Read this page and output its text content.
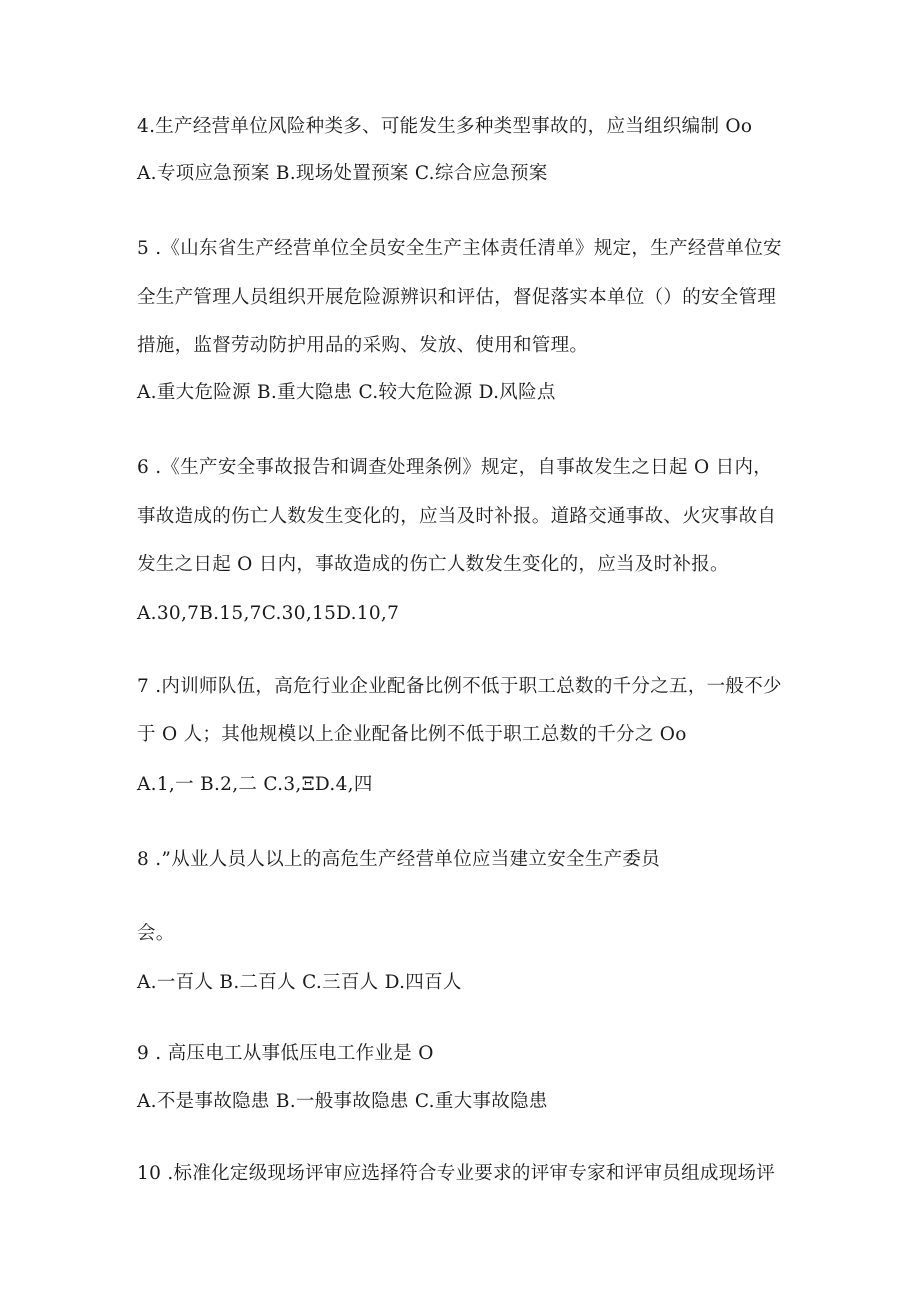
4.生产经营单位风险种类多、可能发生多种类型事故的，应当组织编制 Oo
A.专项应急预案 B.现场处置预案 C.综合应急预案
5 .《山东省生产经营单位全员安全生产主体责任清单》规定，生产经营单位安
全生产管理人员组织开展危险源辨识和评估，督促落实本单位（）的安全管理
措施，监督劳动防护用品的采购、发放、使用和管理。
A.重大危险源 B.重大隐患 C.较大危险源 D.风险点
6 .《生产安全事故报告和调查处理条例》规定，自事故发生之日起 O 日内，
事故造成的伤亡人数发生变化的，应当及时补报。道路交通事故、火灾事故自
发生之日起 O 日内，事故造成的伤亡人数发生变化的，应当及时补报。
A.30,7B.15,7C.30,15D.10,7
7 .内训师队伍，高危行业企业配备比例不低于职工总数的千分之五，一般不少
于 O 人；其他规模以上企业配备比例不低于职工总数的千分之 Oo
A.1,一 B.2,二 C.3,ΞD.4,四
8 .”从业人员人以上的高危生产经营单位应当建立安全生产委员
会。
A.一百人 B.二百人 C.三百人 D.四百人
9 . 高压电工从事低压电工作业是 O
A.不是事故隐患 B.一般事故隐患 C.重大事故隐患
10 .标准化定级现场评审应选择符合专业要求的评审专家和评审员组成现场评
